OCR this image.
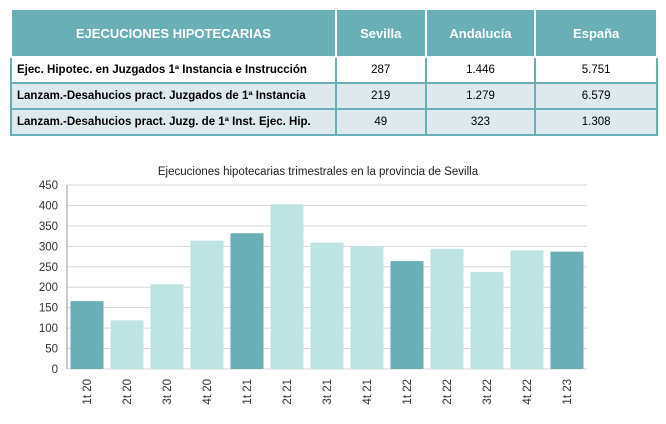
EJECUCIONES HIPOTECARIAS	Sevilla	Andalucía	España
Ejec. Hipotec. en Juzgados 1ª Instancia e Instrucción	287	1.446	5.751
Lanzam.-Desahucios pract. Juzgados de 1ª Instancia	219	1.279	6.579
Lanzam.-Desahucios pract. Juzg. de 1ª Inst. Ejec. Hip.	49	323	1.308
Ejecuciones hipotecarias trimestrales en la provincia de Sevilla
0
50
100
150
200
250
300
350
400
450
1t 20 2t 20 3t 20 4t 20 1t 21 2t 21 3t 21 4t 21 1t 22 2t 22 3t 22 4t 22 1t 23
